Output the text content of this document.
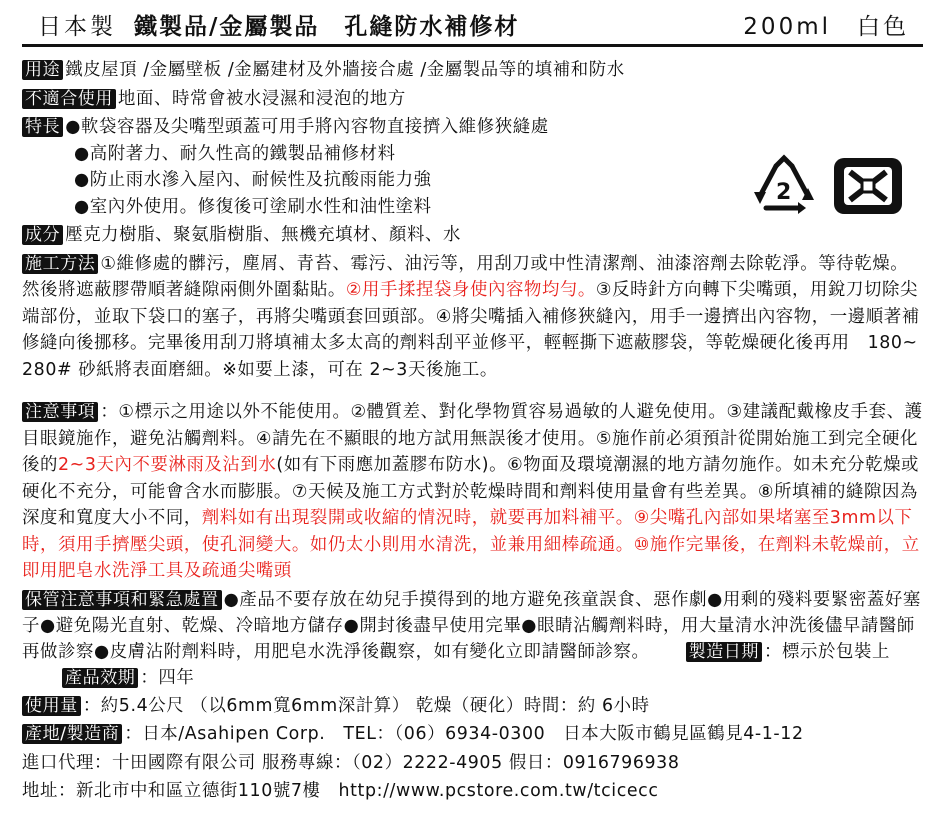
日本製 鐵製品/金屬製品　孔縫防水補修材	200ml 白色

用途 鐵皮屋頂 /金屬壁板 /金屬建材及外牆接合處 /金屬製品等的填補和防水

不適合使用 地面、時常會被水浸濕和浸泡的地方

特長 ●軟袋容器及尖嘴型頭蓋可用手將內容物直接擠入維修狹縫處

●高附著力、耐久性高的鐵製品補修材料

●防止雨水滲入屋內、耐候性及抗酸雨能力強

●室內外使用。修復後可塗刷水性和油性塗料

成分 壓克力樹脂、聚氨脂樹脂、無機充填材、顏料、水

施工方法 ①維修處的髒污，塵屑、青苔、霉污、油污等，用刮刀或中性清潔劑、油漆溶劑去除乾淨。等待乾燥。然後將遮蔽膠帶順著縫隙兩側外圍黏貼。②用手揉捏袋身使內容物均勻。③反時針方向轉下尖嘴頭，用銳刀切除尖端部份，並取下袋口的塞子，再將尖嘴頭套回頭部。④將尖嘴插入補修狹縫內，用手一邊擠出內容物，一邊順著補修縫向後挪移。完畢後用刮刀將填補太多太高的劑料刮平並修平，輕輕撕下遮蔽膠袋，等乾燥硬化後再用　180~280# 砂紙將表面磨細。※如要上漆，可在 2~3天後施工。

注意事項 ：①標示之用途以外不能使用。②體質差、對化學物質容易過敏的人避免使用。③建議配戴橡皮手套、護目眼鏡施作，避免沾觸劑料。④請先在不顯眼的地方試用無誤後才使用。⑤施作前必須預計從開始施工到完全硬化後的2~3天內不要淋雨及沾到水(如有下雨應加蓋膠布防水)。⑥物面及環境潮濕的地方請勿施作。如未充分乾燥或硬化不充分，可能會含水而膨脹。⑦天候及施工方式對於乾燥時間和劑料使用量會有些差異。⑧所填補的縫隙因為深度和寬度大小不同，劑料如有出現裂開或收縮的情況時，就要再加料補平。⑨尖嘴孔內部如果堵塞至3mm以下時，須用手擠壓尖頭，使孔洞變大。如仍太小則用水清洗，並兼用細棒疏通。⑩施作完畢後，在劑料未乾燥前，立即用肥皂水洗淨工具及疏通尖嘴頭

保管注意事項和緊急處置 ●產品不要存放在幼兒手摸得到的地方避免孩童誤食、惡作劇●用剩的殘料要緊密蓋好塞子●避免陽光直射、乾燥、冷暗地方儲存●開封後盡早使用完畢●眼睛沾觸劑料時，用大量清水沖洗後儘早請醫師再做診察●皮膚沾附劑料時，用肥皂水洗淨後觀察，如有變化立即請醫師診察。 製造日期 ：標示於包裝上 產品效期 ：四年

使用量 ：約5.4公尺 （以6mm寬6mm深計算） 乾燥（硬化）時間：約 6小時

產地/製造商 ：日本/Asahipen Corp.　TEL：（06）6934-0300　日本大阪市鶴見區鶴見4-1-12

進口代理：十田國際有限公司 服務專線：（02）2222-4905 假日：0916796938

地址：新北市中和區立德街110號7樓　http://www.pcstore.com.tw/tcicecc

2
